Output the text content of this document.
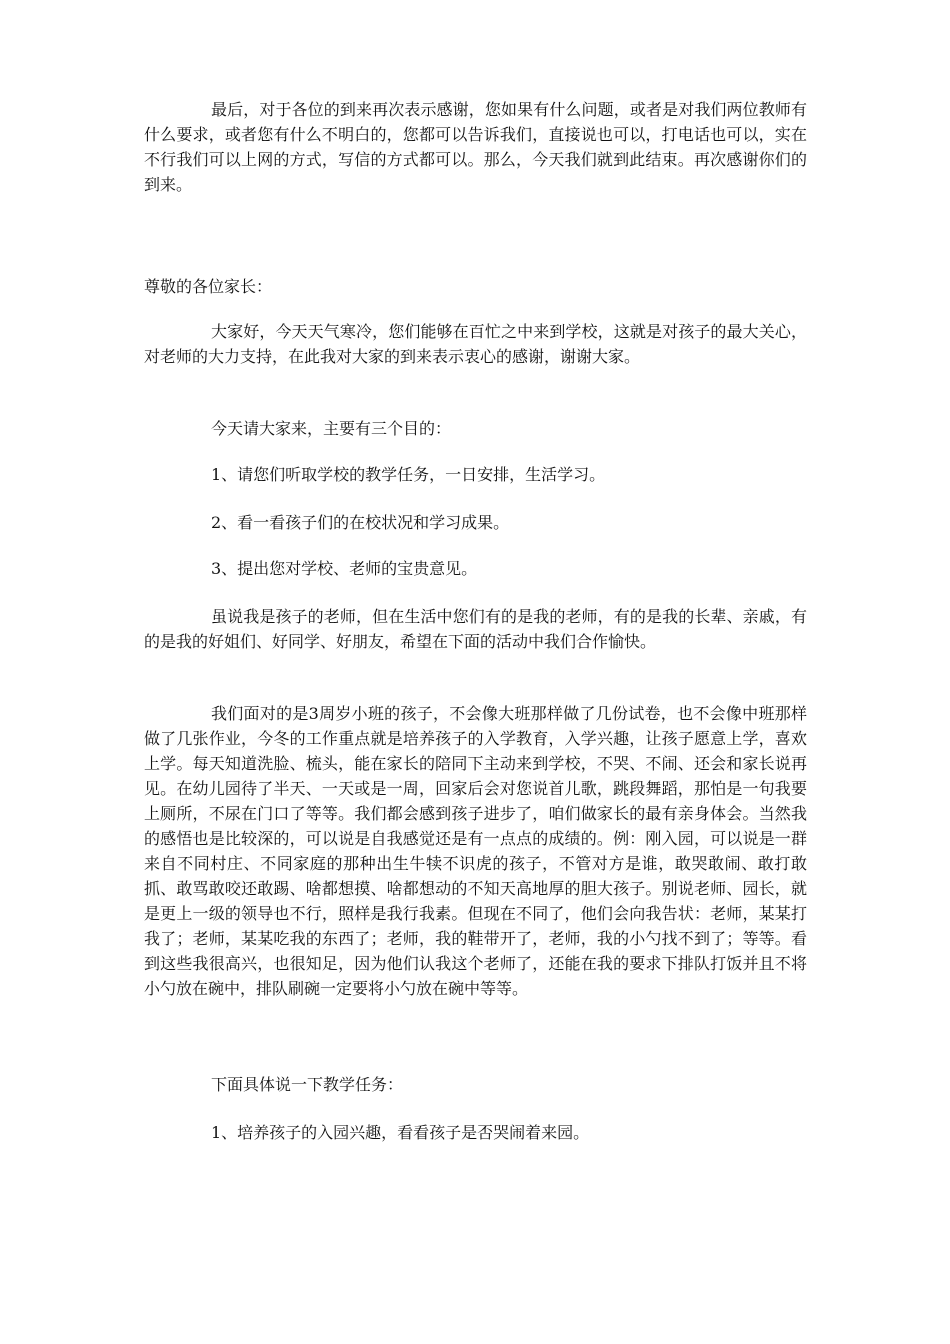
最后，对于各位的到来再次表示感谢，您如果有什么问题，或者是对我们两位教师有什么要求，或者您有什么不明白的，您都可以告诉我们，直接说也可以，打电话也可以，实在不行我们可以上网的方式，写信的方式都可以。那么，今天我们就到此结束。再次感谢你们的到来。

尊敬的各位家长：

大家好，今天天气寒冷，您们能够在百忙之中来到学校，这就是对孩子的最大关心，对老师的大力支持，在此我对大家的到来表示衷心的感谢，谢谢大家。

今天请大家来，主要有三个目的：

1、请您们听取学校的教学任务，一日安排，生活学习。

2、看一看孩子们的在校状况和学习成果。

3、提出您对学校、老师的宝贵意见。

虽说我是孩子的老师，但在生活中您们有的是我的老师，有的是我的长辈、亲戚，有的是我的好姐们、好同学、好朋友，希望在下面的活动中我们合作愉快。

我们面对的是3周岁小班的孩子，不会像大班那样做了几份试卷，也不会像中班那样做了几张作业，今冬的工作重点就是培养孩子的入学教育，入学兴趣，让孩子愿意上学，喜欢上学。每天知道洗脸、梳头，能在家长的陪同下主动来到学校，不哭、不闹、还会和家长说再见。在幼儿园待了半天、一天或是一周，回家后会对您说首儿歌，跳段舞蹈，那怕是一句我要上厕所，不尿在门口了等等。我们都会感到孩子进步了，咱们做家长的最有亲身体会。当然我的感悟也是比较深的，可以说是自我感觉还是有一点点的成绩的。例：刚入园，可以说是一群来自不同村庄、不同家庭的那种出生牛犊不识虎的孩子，不管对方是谁，敢哭敢闹、敢打敢抓、敢骂敢咬还敢踢、啥都想摸、啥都想动的不知天高地厚的胆大孩子。别说老师、园长，就是更上一级的领导也不行，照样是我行我素。但现在不同了，他们会向我告状：老师，某某打我了；老师，某某吃我的东西了；老师，我的鞋带开了，老师，我的小勺找不到了；等等。看到这些我很高兴，也很知足，因为他们认我这个老师了，还能在我的要求下排队打饭并且不将小勺放在碗中，排队刷碗一定要将小勺放在碗中等等。

下面具体说一下教学任务：

1、培养孩子的入园兴趣，看看孩子是否哭闹着来园。
